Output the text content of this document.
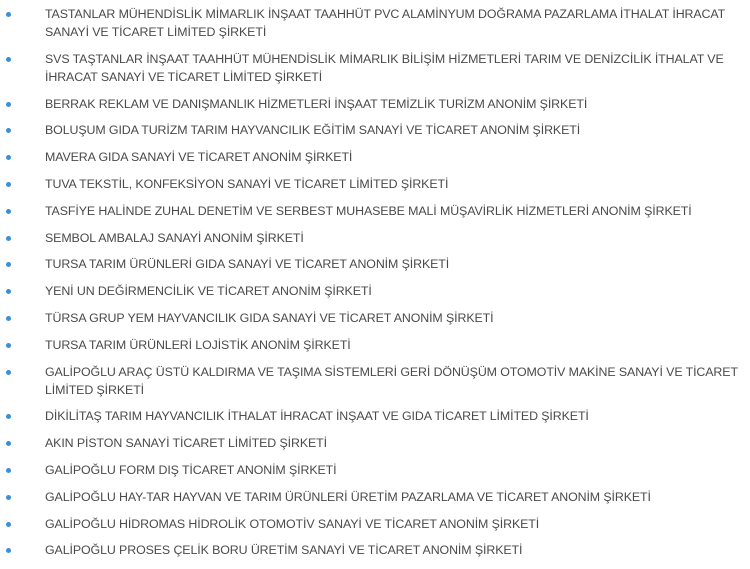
TASTANLAR MÜHENDİSLİK MİMARLIK İNŞAAT TAAHHÜT PVC ALAMİNYUM DOĞRAMA PAZARLAMA İTHALAT İHRACAT SANAYİ VE TİCARET LİMİTED ŞİRKETİ
SVS TAŞTANLAR İNŞAAT TAAHHÜT MÜHENDİSLİK MİMARLIK BİLİŞİM HİZMETLERİ TARIM VE DENİZCİLİK İTHALAT VE İHRACAT SANAYİ VE TİCARET LİMİTED ŞİRKETİ
BERRAK REKLAM VE DANIŞMANLIK HİZMETLERİ İNŞAAT TEMİZLİK TURİZM ANONİM ŞİRKETİ
BOLUŞUM GIDA TURİZM TARIM HAYVANCILIK EĞİTİM SANAYİ VE TİCARET ANONİM ŞİRKETİ
MAVERA GIDA SANAYİ VE TİCARET ANONİM ŞİRKETİ
TUVA TEKSTİL, KONFEKSİYON SANAYİ VE TİCARET LİMİTED ŞİRKETİ
TASFİYE HALİNDE ZUHAL DENETİM VE SERBEST MUHASEBE MALİ MÜŞAVİRLİK HİZMETLERİ ANONİM ŞİRKETİ
SEMBOL AMBALAJ SANAYİ ANONİM ŞİRKETİ
TURSA TARIM ÜRÜNLERİ GIDA SANAYİ VE TİCARET ANONİM ŞİRKETİ
YENİ UN DEĞİRMENCİLİK VE TİCARET ANONİM ŞİRKETİ
TÜRSA GRUP YEM HAYVANCILIK GIDA SANAYİ VE TİCARET ANONİM ŞİRKETİ
TURSA TARIM ÜRÜNLERİ LOJİSTİK ANONİM ŞİRKETİ
GALİPOĞLU ARAÇ ÜSTÜ KALDIRMA VE TAŞIMA SİSTEMLERİ GERİ DÖNÜŞÜM OTOMOTİV MAKİNE SANAYİ VE TİCARET LİMİTED ŞİRKETİ
DİKİLİTAŞ TARIM HAYVANCILIK İTHALAT İHRACAT İNŞAAT VE GIDA TİCARET LİMİTED ŞİRKETİ
AKIN PİSTON SANAYİ TİCARET LİMİTED ŞİRKETİ
GALİPOĞLU FORM DIŞ TİCARET ANONİM ŞİRKETİ
GALİPOĞLU HAY-TAR HAYVAN VE TARIM ÜRÜNLERİ ÜRETİM PAZARLAMA VE TİCARET ANONİM ŞİRKETİ
GALİPOĞLU HİDROMAS HİDROLİK OTOMOTİV SANAYİ VE TİCARET ANONİM ŞİRKETİ
GALİPOĞLU PROSES ÇELİK BORU ÜRETİM SANAYİ VE TİCARET ANONİM ŞİRKETİ
